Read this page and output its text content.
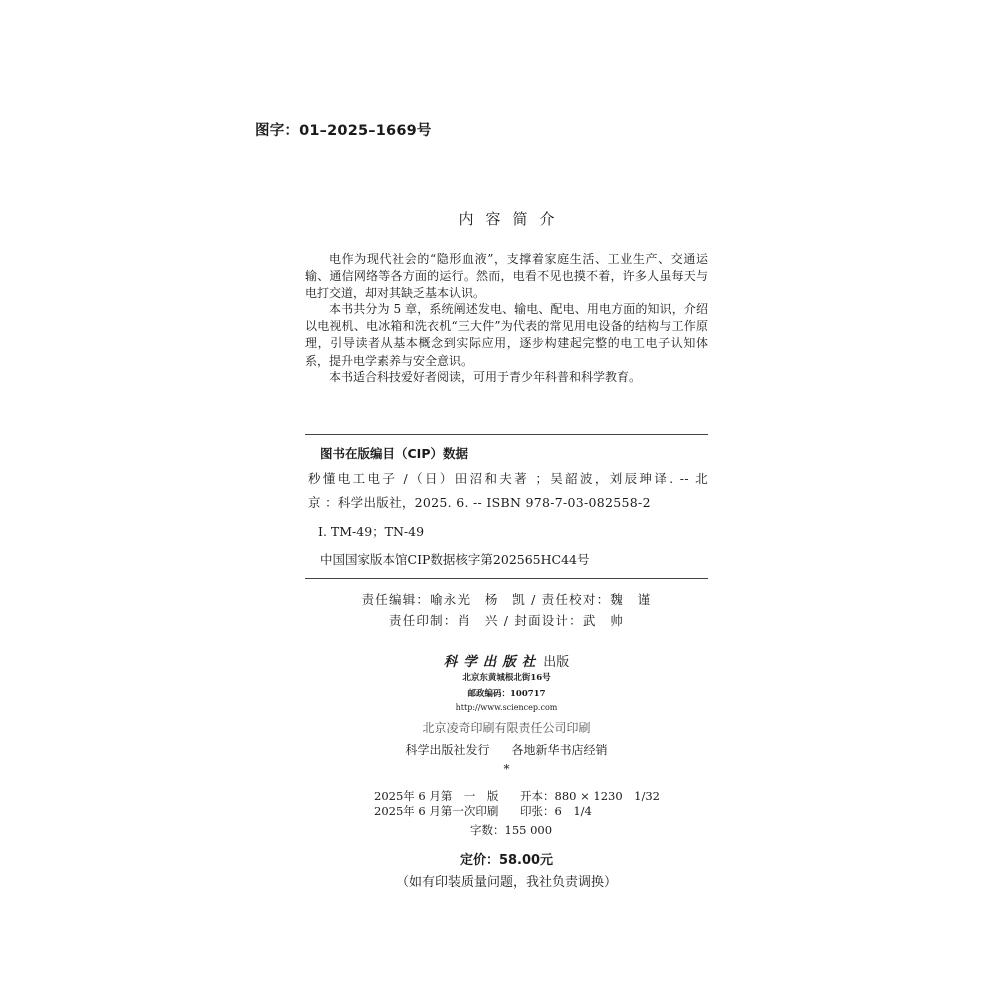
图字：01–2025–1669号
内容简介

电作为现代社会的“隐形血液”，支撑着家庭生活、工业生产、交通运输、通信网络等各方面的运行。然而，电看不见也摸不着，许多人虽每天与电打交道，却对其缺乏基本认识。

本书共分为 5 章，系统阐述发电、输电、配电、用电方面的知识，介绍以电视机、电冰箱和洗衣机“三大件”为代表的常见用电设备的结构与工作原理，引导读者从基本概念到实际应用，逐步构建起完整的电工电子认知体系，提升电学素养与安全意识。

本书适合科技爱好者阅读，可用于青少年科普和科学教育。

图书在版编目（CIP）数据
秒懂电工电子 /（日）田沼和夫著 ；吴韶波，刘辰珅译. -- 北
京 ：科学出版社，2025. 6. -- ISBN 978-7-03-082558-2
Ⅰ. TM-49；TN-49
中国国家版本馆CIP数据核字第202565HC44号
责任编辑：喻永光　杨　凯 / 责任校对：魏　谨
责任印制：肖　兴 / 封面设计：武　帅
科学出版社 出版
北京东黄城根北街16号
邮政编码：100717
http://www.sciencep.com
北京凌奇印刷有限责任公司印刷
科学出版社发行 各地新华书店经销
*
2025年 6 月第　一　版 开本：880 × 1230　1/32
2025年 6 月第一次印刷 印张：6　1/4
字数：155 000
定价：58.00元
（如有印装质量问题，我社负责调换）
